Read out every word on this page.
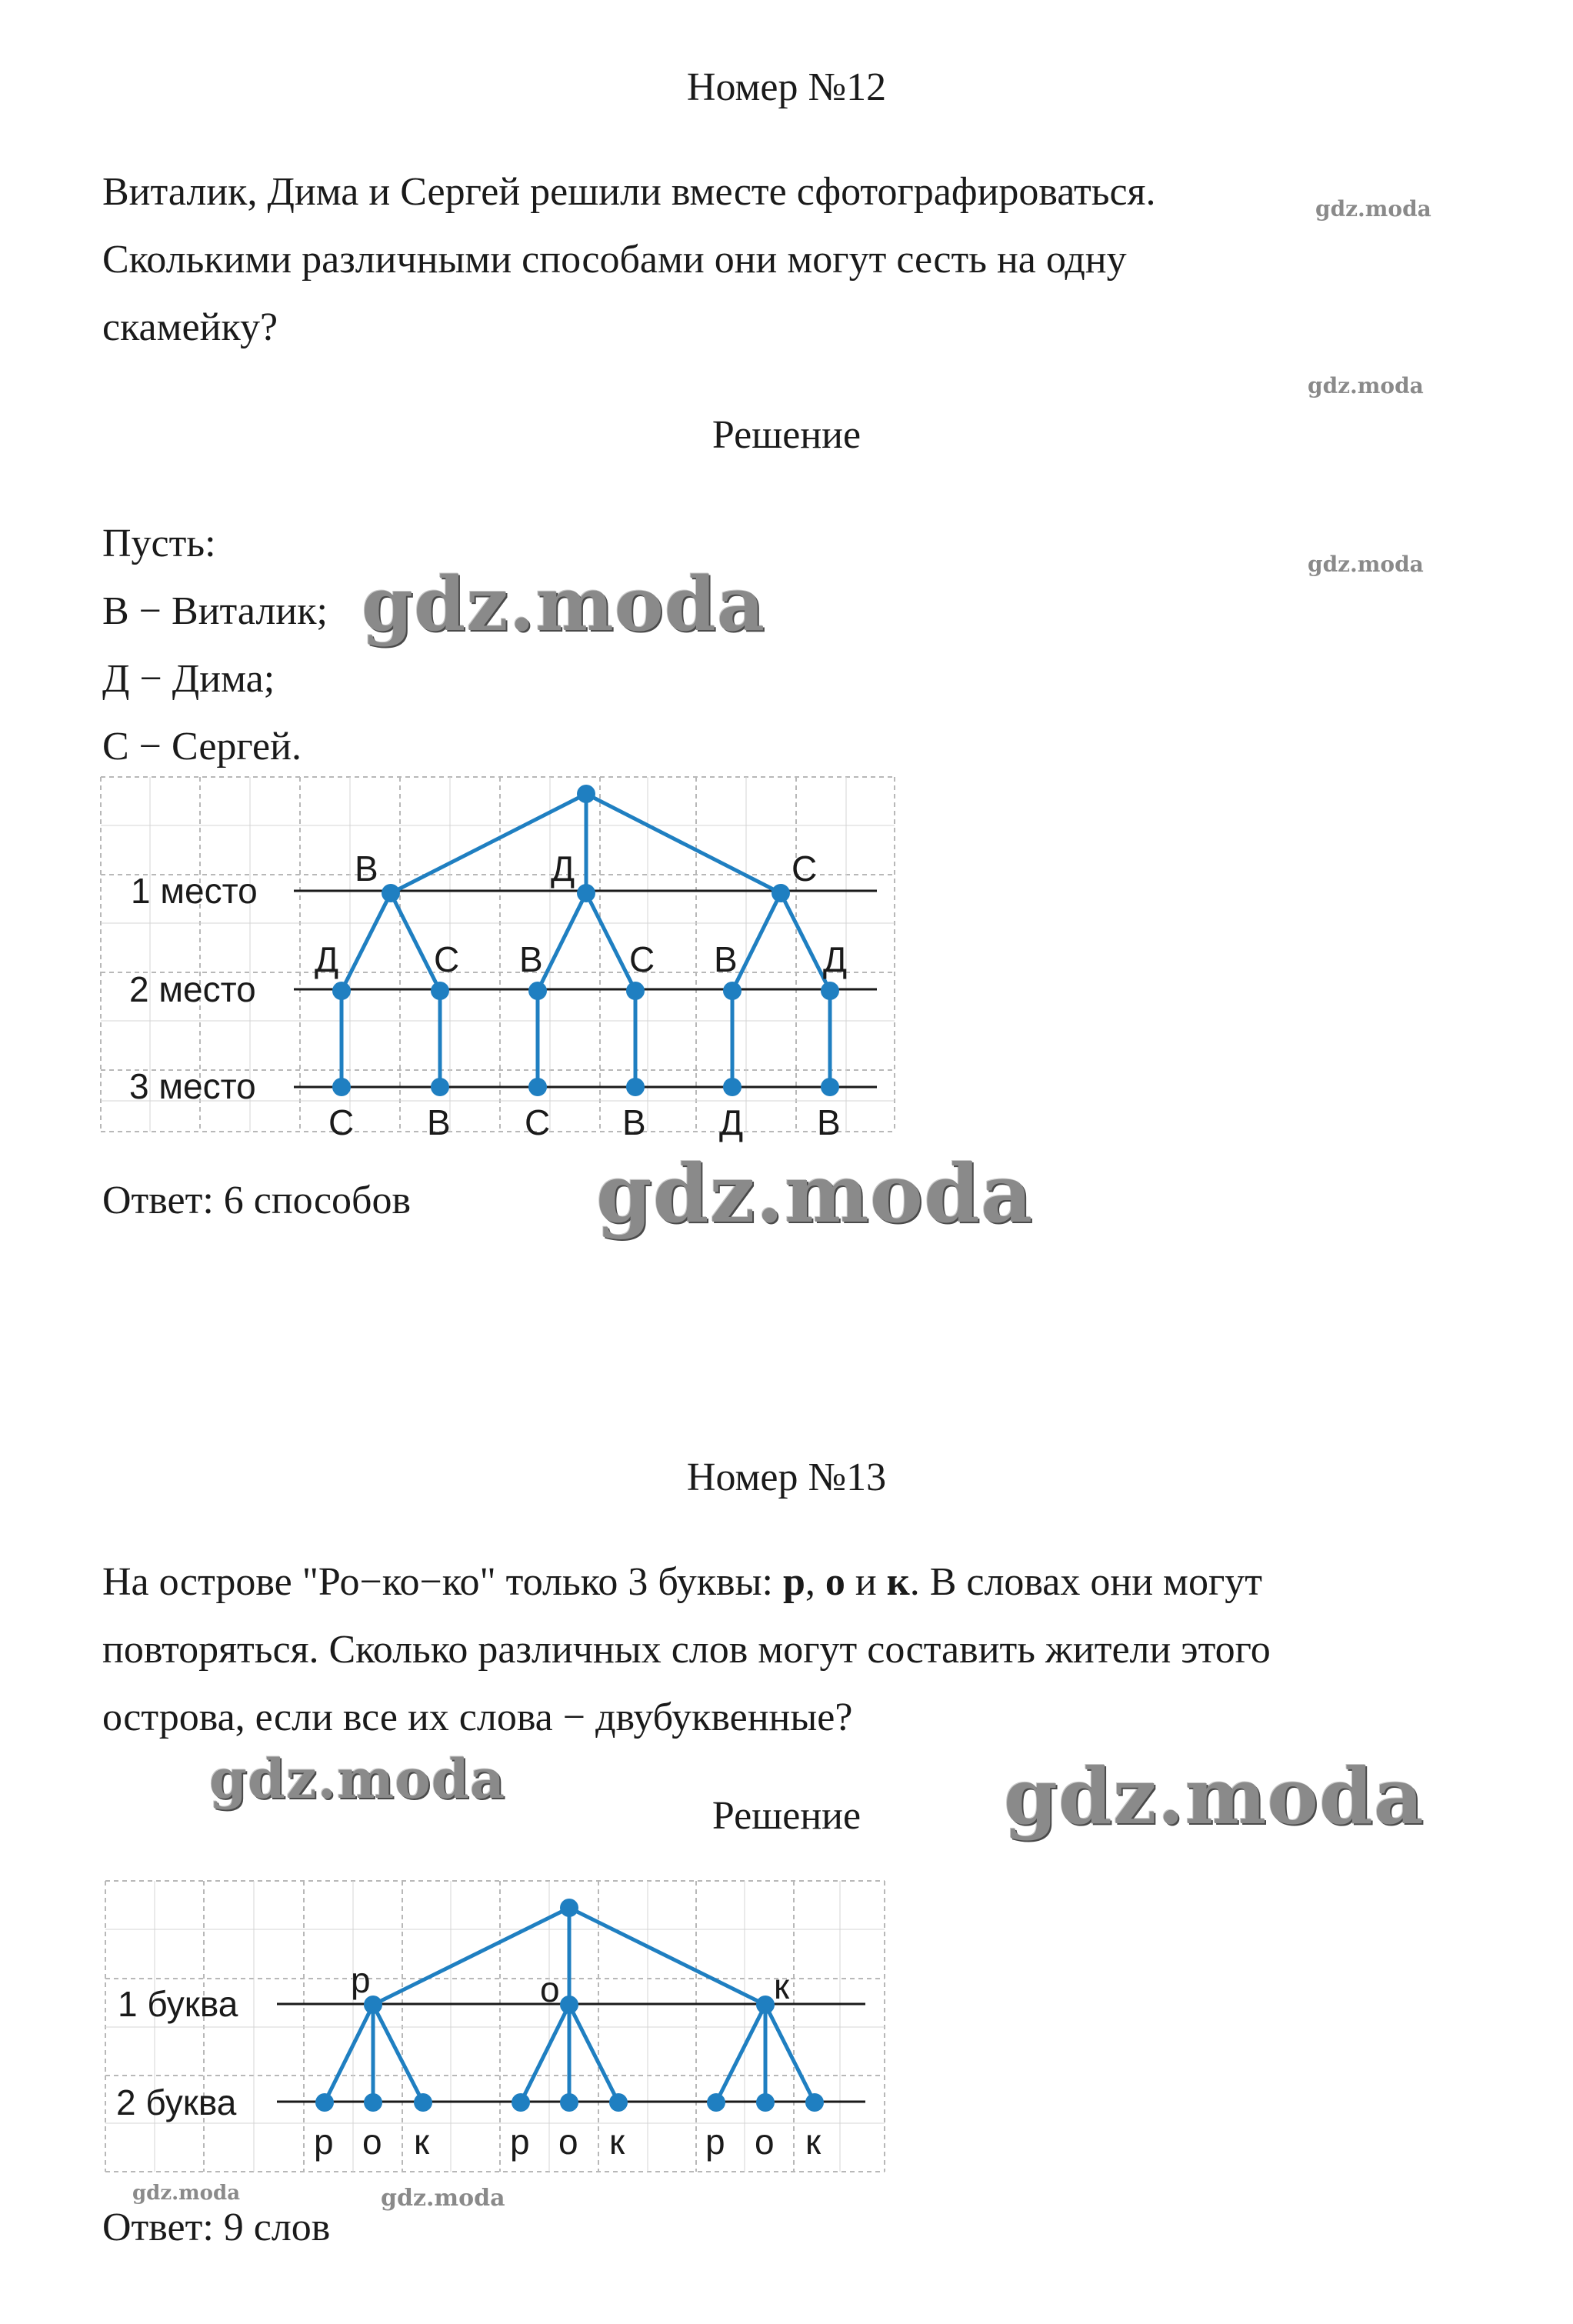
Номер №12

Виталик, Дима и Сергей решили вместе сфотографироваться.

Сколькими различными способами они могут сесть на одну

скамейку?

Решение

Пусть:

В − Виталик;

Д − Дима;

С − Сергей.

1 место
2 место
3 место
В	Д	С
Д	С В С В Д
С В С В Д В
Ответ: 6 способов
Номер №13

На острове "Ро−ко−ко" только 3 буквы: р, о и к. В словах они могут

повторяться. Сколько различных слов могут составить жители этого

острова, если все их слова − двубуквенные?

Решение
1 буква
2 буква
р	о	к
р о к р о к р о к
Ответ: 9 слов
gdz.moda
gdz.moda
gdz.moda
gdz.moda
gdz.moda
gdz.moda	gdz.moda
gdz.moda	gdz.moda
